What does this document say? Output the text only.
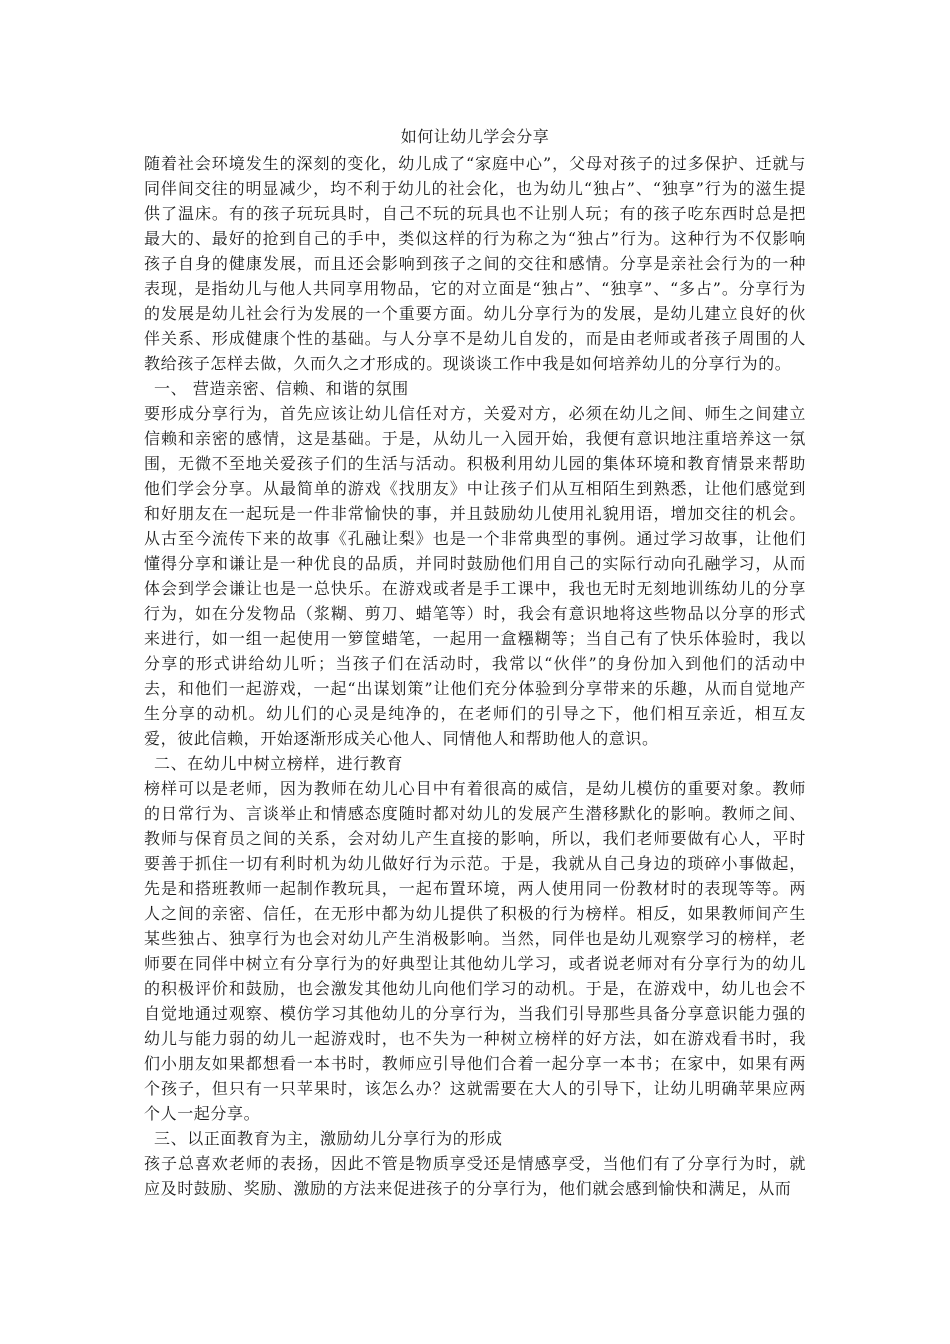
如何让幼儿学会分享

随着社会环境发生的深刻的变化，幼儿成了“家庭中心”，父母对孩子的过多保护、迁就与同伴间交往的明显减少，均不利于幼儿的社会化，也为幼儿“独占”、“独享”行为的滋生提供了温床。有的孩子玩玩具时，自己不玩的玩具也不让别人玩；有的孩子吃东西时总是把最大的、最好的抢到自己的手中，类似这样的行为称之为“独占”行为。这种行为不仅影响孩子自身的健康发展，而且还会影响到孩子之间的交往和感情。分享是亲社会行为的一种表现，是指幼儿与他人共同享用物品，它的对立面是“独占”、“独享”、“多占”。分享行为的发展是幼儿社会行为发展的一个重要方面。幼儿分享行为的发展，是幼儿建立良好的伙伴关系、形成健康个性的基础。与人分享不是幼儿自发的，而是由老师或者孩子周围的人教给孩子怎样去做，久而久之才形成的。现谈谈工作中我是如何培养幼儿的分享行为的。

一、 营造亲密、信赖、和谐的氛围

要形成分享行为，首先应该让幼儿信任对方，关爱对方，必须在幼儿之间、师生之间建立信赖和亲密的感情，这是基础。于是，从幼儿一入园开始，我便有意识地注重培养这一氛围，无微不至地关爱孩子们的生活与活动。积极利用幼儿园的集体环境和教育情景来帮助他们学会分享。从最简单的游戏《找朋友》中让孩子们从互相陌生到熟悉，让他们感觉到和好朋友在一起玩是一件非常愉快的事，并且鼓励幼儿使用礼貌用语，增加交往的机会。从古至今流传下来的故事《孔融让梨》也是一个非常典型的事例。通过学习故事，让他们懂得分享和谦让是一种优良的品质，并同时鼓励他们用自己的实际行动向孔融学习，从而体会到学会谦让也是一总快乐。在游戏或者是手工课中，我也无时无刻地训练幼儿的分享行为，如在分发物品（浆糊、剪刀、蜡笔等）时，我会有意识地将这些物品以分享的形式来进行，如一组一起使用一箩筐蜡笔，一起用一盒糨糊等；当自己有了快乐体验时，我以分享的形式讲给幼儿听；当孩子们在活动时，我常以“伙伴”的身份加入到他们的活动中去，和他们一起游戏，一起“出谋划策”让他们充分体验到分享带来的乐趣，从而自觉地产生分享的动机。幼儿们的心灵是纯净的，在老师们的引导之下，他们相互亲近，相互友爱，彼此信赖，开始逐渐形成关心他人、同情他人和帮助他人的意识。

二、在幼儿中树立榜样，进行教育

榜样可以是老师，因为教师在幼儿心目中有着很高的威信，是幼儿模仿的重要对象。教师的日常行为、言谈举止和情感态度随时都对幼儿的发展产生潜移默化的影响。教师之间、教师与保育员之间的关系，会对幼儿产生直接的影响，所以，我们老师要做有心人，平时要善于抓住一切有利时机为幼儿做好行为示范。于是，我就从自己身边的琐碎小事做起，先是和搭班教师一起制作教玩具，一起布置环境，两人使用同一份教材时的表现等等。两人之间的亲密、信任，在无形中都为幼儿提供了积极的行为榜样。相反，如果教师间产生某些独占、独享行为也会对幼儿产生消极影响。当然，同伴也是幼儿观察学习的榜样，老师要在同伴中树立有分享行为的好典型让其他幼儿学习，或者说老师对有分享行为的幼儿的积极评价和鼓励，也会激发其他幼儿向他们学习的动机。于是，在游戏中，幼儿也会不自觉地通过观察、模仿学习其他幼儿的分享行为，当我们引导那些具备分享意识能力强的幼儿与能力弱的幼儿一起游戏时，也不失为一种树立榜样的好方法，如在游戏看书时，我们小朋友如果都想看一本书时，教师应引导他们合着一起分享一本书；在家中，如果有两个孩子，但只有一只苹果时，该怎么办？这就需要在大人的引导下，让幼儿明确苹果应两个人一起分享。

三、以正面教育为主，激励幼儿分享行为的形成

孩子总喜欢老师的表扬，因此不管是物质享受还是情感享受，当他们有了分享行为时，就应及时鼓励、奖励、激励的方法来促进孩子的分享行为，他们就会感到愉快和满足，从而
